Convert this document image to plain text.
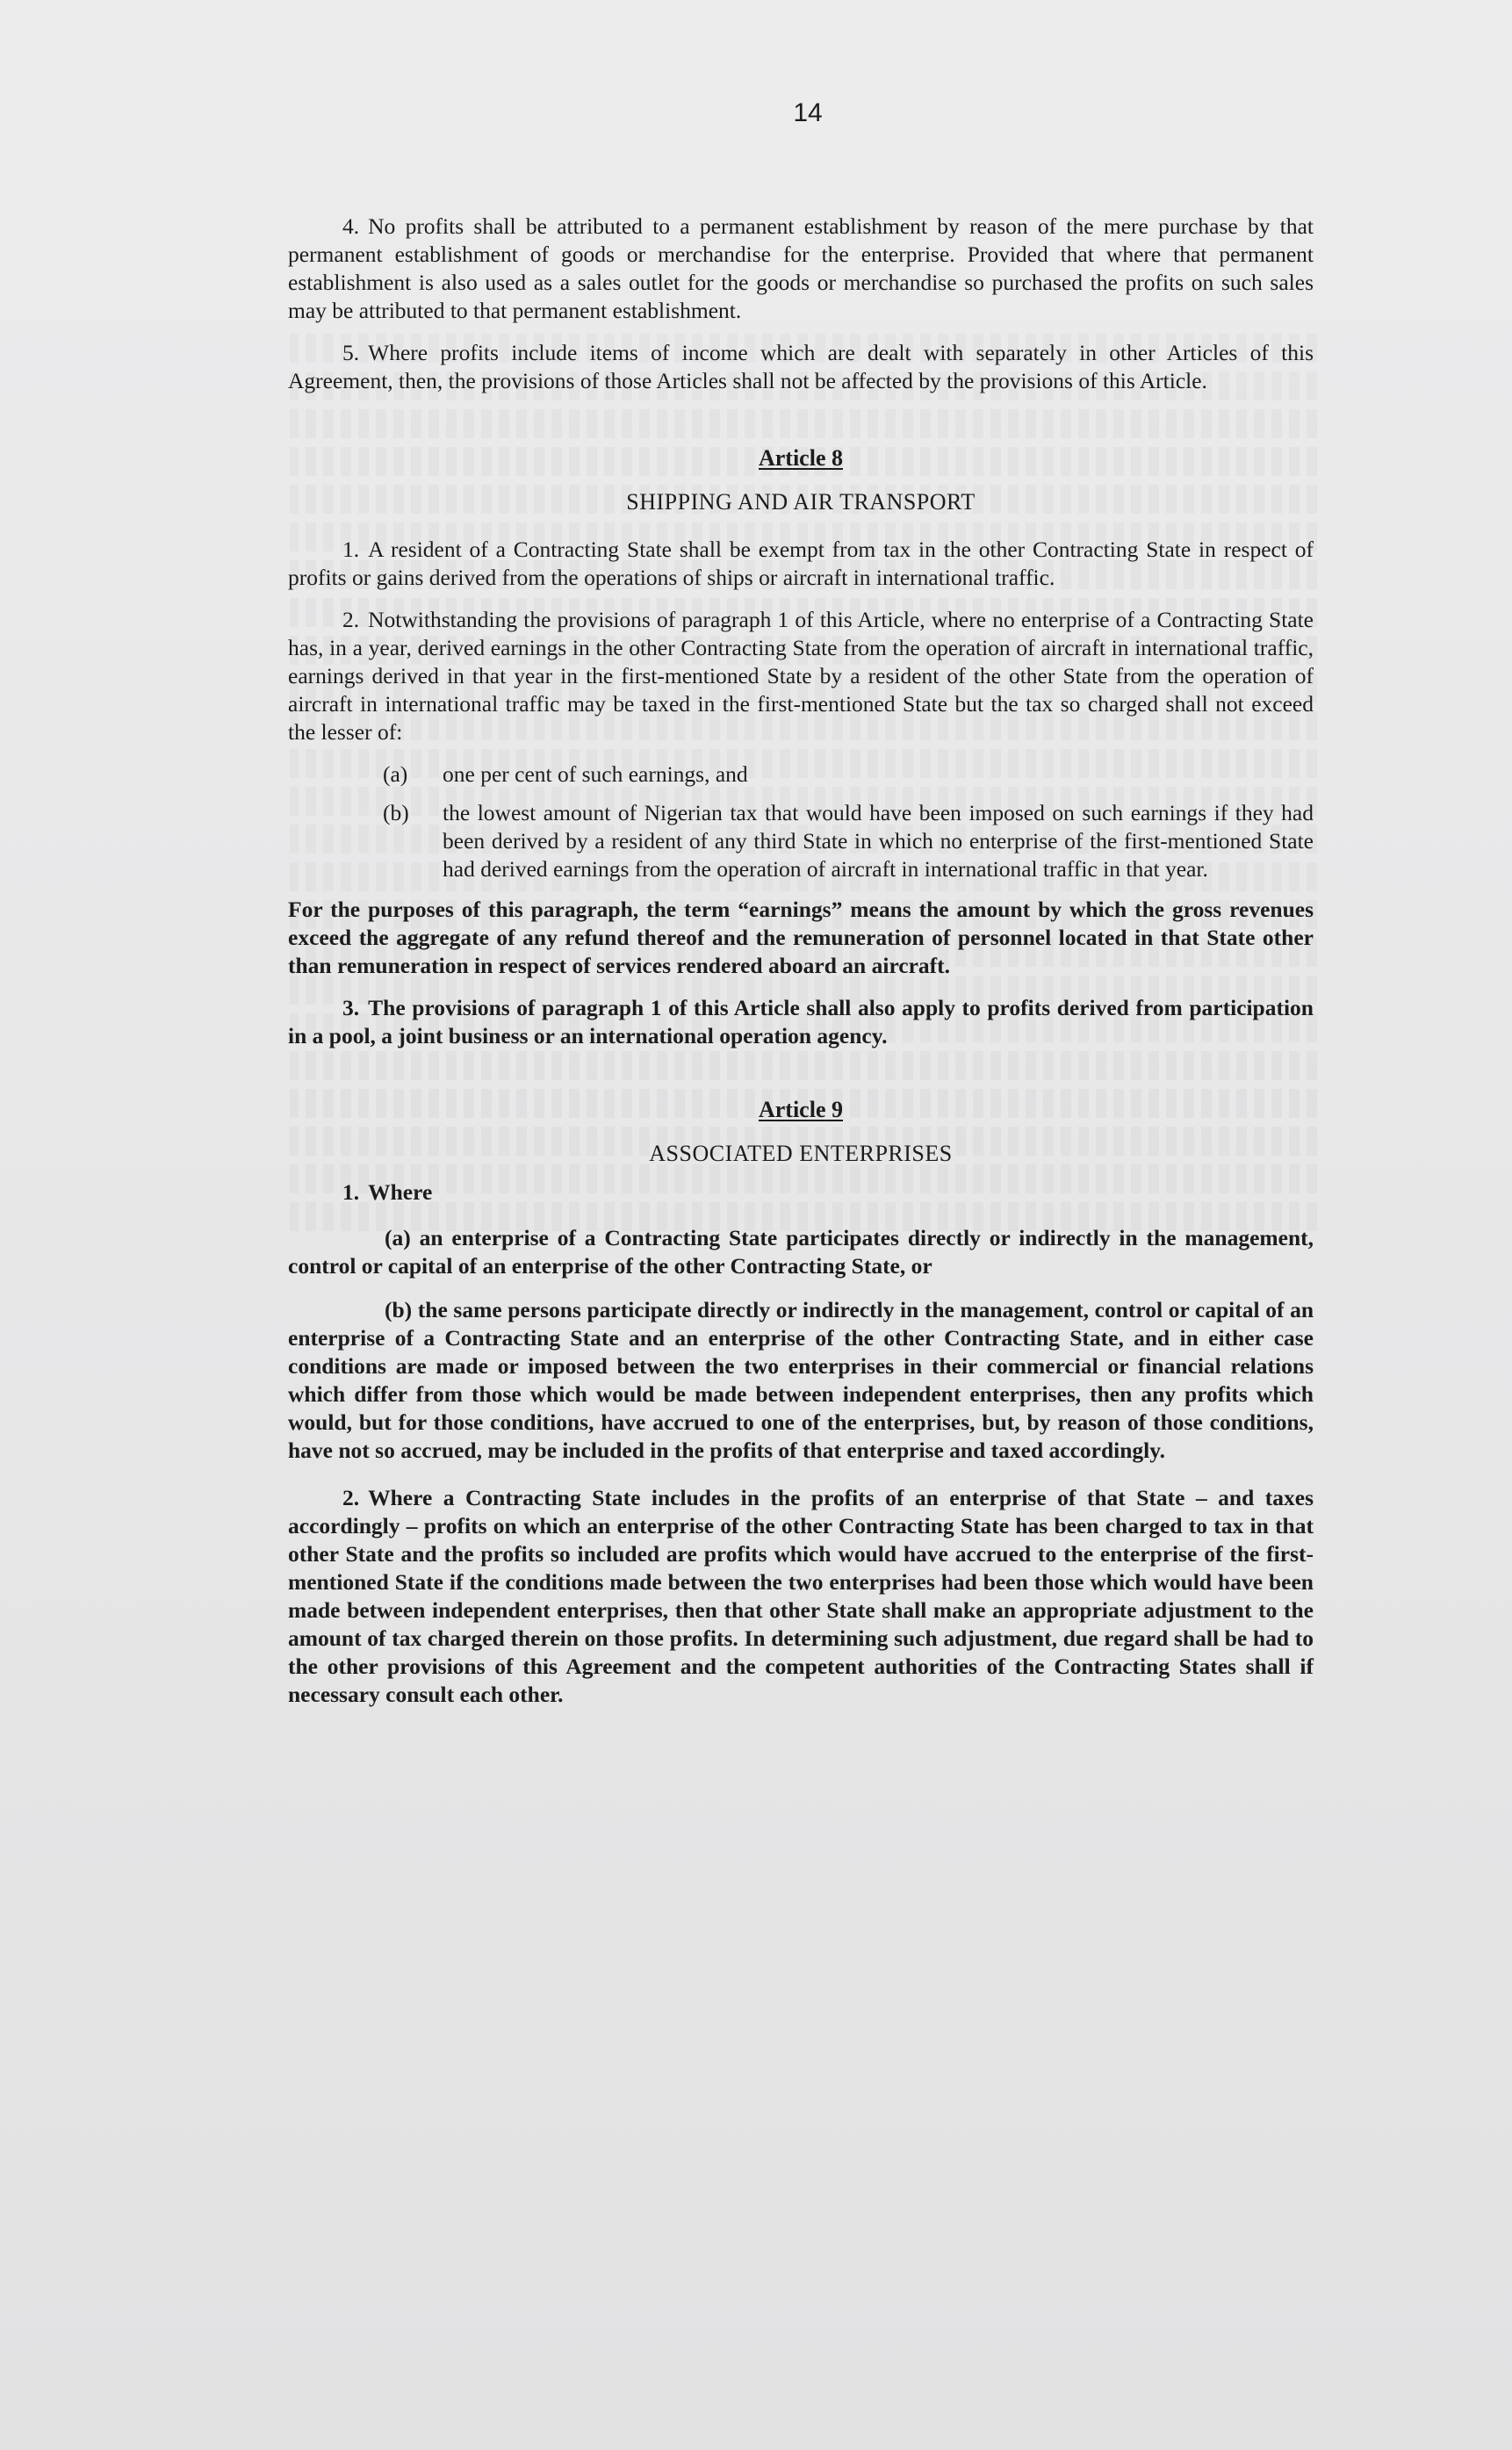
14

4. No profits shall be attributed to a permanent establishment by reason of the mere purchase by that permanent establishment of goods or merchandise for the enterprise. Provided that where that permanent establishment is also used as a sales outlet for the goods or merchandise so purchased the profits on such sales may be attributed to that permanent establishment.

5. Where profits include items of income which are dealt with separately in other Articles of this Agreement, then, the provisions of those Articles shall not be affected by the provisions of this Article.

Article 8
SHIPPING AND AIR TRANSPORT

1. A resident of a Contracting State shall be exempt from tax in the other Contracting State in respect of profits or gains derived from the operations of ships or aircraft in international traffic.

2. Notwithstanding the provisions of paragraph 1 of this Article, where no enterprise of a Contracting State has, in a year, derived earnings in the other Contracting State from the operation of aircraft in international traffic, earnings derived in that year in the first-mentioned State by a resident of the other State from the operation of aircraft in international traffic may be taxed in the first-mentioned State but the tax so charged shall not exceed the lesser of:

(a)	one per cent of such earnings, and
(b)	the lowest amount of Nigerian tax that would have been imposed on such earnings if they had been derived by a resident of any third State in which no enterprise of the first-mentioned State had derived earnings from the operation of aircraft in international traffic in that year.

For the purposes of this paragraph, the term “earnings” means the amount by which the gross revenues exceed the aggregate of any refund thereof and the remuneration of personnel located in that State other than remuneration in respect of services rendered aboard an aircraft.

3. The provisions of paragraph 1 of this Article shall also apply to profits derived from participation in a pool, a joint business or an international operation agency.

Article 9
ASSOCIATED ENTERPRISES

1. Where

(a) an enterprise of a Contracting State participates directly or indirectly in the management, control or capital of an enterprise of the other Contracting State, or

(b) the same persons participate directly or indirectly in the management, control or capital of an enterprise of a Contracting State and an enterprise of the other Contracting State, and in either case conditions are made or imposed between the two enterprises in their commercial or financial relations which differ from those which would be made between independent enterprises, then any profits which would, but for those conditions, have accrued to one of the enterprises, but, by reason of those conditions, have not so accrued, may be included in the profits of that enterprise and taxed accordingly.

2. Where a Contracting State includes in the profits of an enterprise of that State – and taxes accordingly – profits on which an enterprise of the other Contracting State has been charged to tax in that other State and the profits so included are profits which would have accrued to the enterprise of the first-mentioned State if the conditions made between the two enterprises had been those which would have been made between independent enterprises, then that other State shall make an appropriate adjustment to the amount of tax charged therein on those profits. In determining such adjustment, due regard shall be had to the other provisions of this Agreement and the competent authorities of the Contracting States shall if necessary consult each other.
